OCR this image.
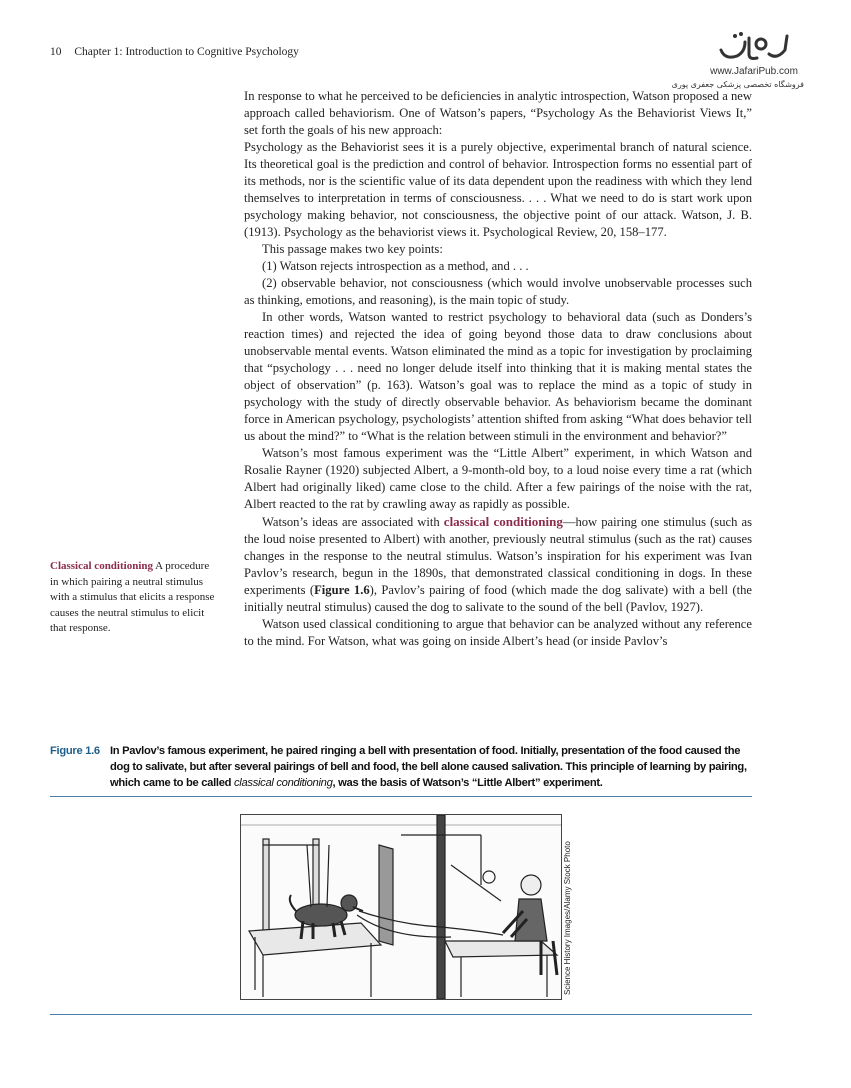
10 Chapter 1: Introduction to Cognitive Psychology
www.JafariPub.com
فروشگاه تخصصی پزشکی جعفری پوری

In response to what he perceived to be deficiencies in analytic introspection, Watson proposed a new approach called behaviorism. One of Watson’s papers, “Psychology As the Behaviorist Views It,” set forth the goals of his new approach:

Psychology as the Behaviorist sees it is a purely objective, experimental branch of natural science. Its theoretical goal is the prediction and control of behavior. Introspection forms no essential part of its methods, nor is the scientific value of its data dependent upon the readiness with which they lend themselves to interpretation in terms of consciousness. . . . What we need to do is start work upon psychology making behavior, not consciousness, the objective point of our attack. Watson, J. B. (1913). Psychology as the behaviorist views it. Psychological Review, 20, 158–177.

This passage makes two key points:

(1) Watson rejects introspection as a method, and . . .

(2) observable behavior, not consciousness (which would involve unobservable processes such as thinking, emotions, and reasoning), is the main topic of study.

In other words, Watson wanted to restrict psychology to behavioral data (such as Donders’s reaction times) and rejected the idea of going beyond those data to draw conclusions about unobservable mental events. Watson eliminated the mind as a topic for investigation by proclaiming that “psychology . . . need no longer delude itself into thinking that it is making mental states the object of observation” (p. 163). Watson’s goal was to replace the mind as a topic of study in psychology with the study of directly observable behavior. As behaviorism became the dominant force in American psychology, psychologists’ attention shifted from asking “What does behavior tell us about the mind?” to “What is the relation between stimuli in the environment and behavior?”

Watson’s most famous experiment was the “Little Albert” experiment, in which Watson and Rosalie Rayner (1920) subjected Albert, a 9-month-old boy, to a loud noise every time a rat (which Albert had originally liked) came close to the child. After a few pairings of the noise with the rat, Albert reacted to the rat by crawling away as rapidly as possible.

Watson’s ideas are associated with classical conditioning—how pairing one stimulus (such as the loud noise presented to Albert) with another, previously neutral stimulus (such as the rat) causes changes in the response to the neutral stimulus. Watson’s inspiration for his experiment was Ivan Pavlov’s research, begun in the 1890s, that demonstrated classical conditioning in dogs. In these experiments (Figure 1.6), Pavlov’s pairing of food (which made the dog salivate) with a bell (the initially neutral stimulus) caused the dog to salivate to the sound of the bell (Pavlov, 1927).

Watson used classical conditioning to argue that behavior can be analyzed without any reference to the mind. For Watson, what was going on inside Albert’s head (or inside Pavlov’s

Classical conditioning A procedure in which pairing a neutral stimulus with a stimulus that elicits a response causes the neutral stimulus to elicit that response.
Figure 1.6 In Pavlov’s famous experiment, he paired ringing a bell with presentation of food. Initially, presentation of the food caused the dog to salivate, but after several pairings of bell and food, the bell alone caused salivation. This principle of learning by pairing, which came to be called classical conditioning, was the basis of Watson’s “Little Albert” experiment.
Science History Images/Alamy Stock Photo
